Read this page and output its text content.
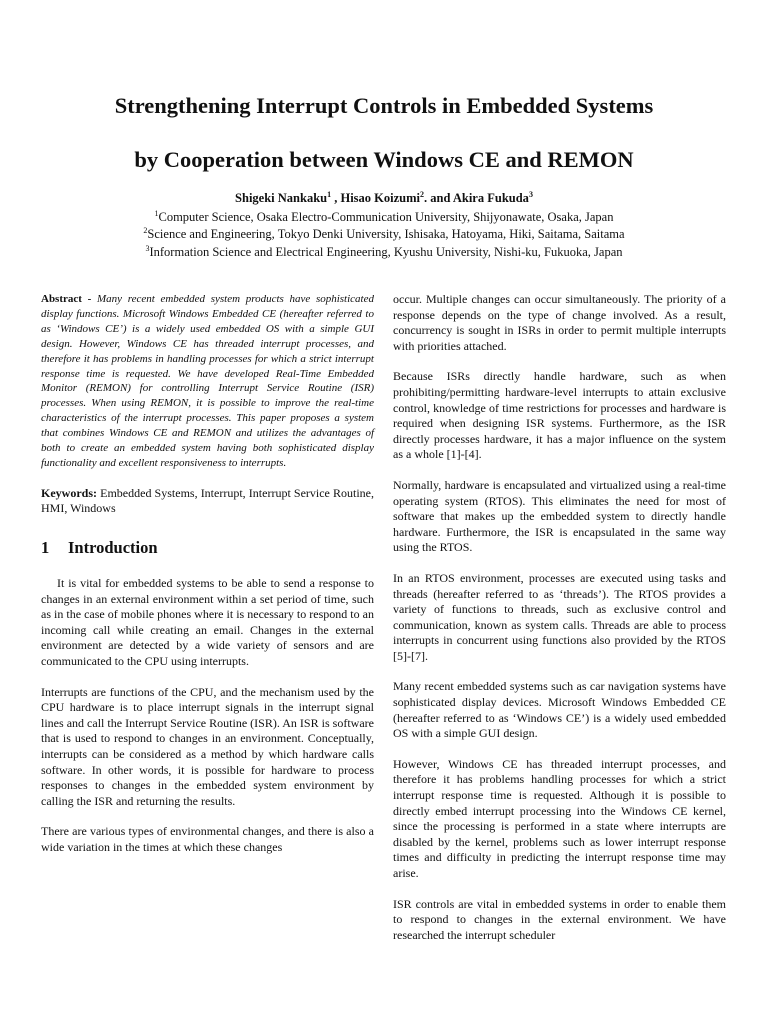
Strengthening Interrupt Controls in Embedded Systems
by Cooperation between Windows CE and REMON
Shigeki Nankaku$^1$ , Hisao Koizumi$^2$. and Akira Fukuda$^3$
$^1$Computer Science, Osaka Electro-Communication University, Shijyonawate, Osaka, Japan
$^2$Science and Engineering, Tokyo Denki University, Ishisaka, Hatoyama, Hiki, Saitama, Saitama
$^3$Information Science and Electrical Engineering, Kyushu University, Nishi-ku, Fukuoka, Japan

Abstract - Many recent embedded system products have sophisticated display functions. Microsoft Windows Embedded CE (hereafter referred to as ‘Windows CE’) is a widely used embedded OS with a simple GUI design. However, Windows CE has threaded interrupt processes, and therefore it has problems in handling processes for which a strict interrupt response time is requested. We have developed Real-Time Embedded Monitor (REMON) for controlling Interrupt Service Routine (ISR) processes. When using REMON, it is possible to improve the real-time characteristics of the interrupt processes. This paper proposes a system that combines Windows CE and REMON and utilizes the advantages of both to create an embedded system having both sophisticated display functionality and excellent responsiveness to interrupts.

Keywords: Embedded Systems, Interrupt, Interrupt Service Routine, HMI, Windows

1 Introduction

It is vital for embedded systems to be able to send a response to changes in an external environment within a set period of time, such as in the case of mobile phones where it is necessary to respond to an incoming call while creating an email. Changes in the external environment are detected by a wide variety of sensors and are communicated to the CPU using interrupts.

Interrupts are functions of the CPU, and the mechanism used by the CPU hardware is to place interrupt signals in the interrupt signal lines and call the Interrupt Service Routine (ISR). An ISR is software that is used to respond to changes in an environment. Conceptually, interrupts can be considered as a method by which hardware calls software. In other words, it is possible for hardware to process responses to changes in the embedded system environment by calling the ISR and returning the results.

There are various types of environmental changes, and there is also a wide variation in the times at which these changes

occur. Multiple changes can occur simultaneously. The priority of a response depends on the type of change involved. As a result, concurrency is sought in ISRs in order to permit multiple interrupts with priorities attached.

Because ISRs directly handle hardware, such as when prohibiting/permitting hardware-level interrupts to attain exclusive control, knowledge of time restrictions for processes and hardware is required when designing ISR systems. Furthermore, as the ISR directly processes hardware, it has a major influence on the system as a whole [1]-[4].

Normally, hardware is encapsulated and virtualized using a real-time operating system (RTOS). This eliminates the need for most of software that makes up the embedded system to directly handle hardware. Furthermore, the ISR is encapsulated in the same way using the RTOS.

In an RTOS environment, processes are executed using tasks and threads (hereafter referred to as ‘threads’). The RTOS provides a variety of functions to threads, such as exclusive control and communication, known as system calls. Threads are able to process interrupts in concurrent using functions also provided by the RTOS [5]-[7].

Many recent embedded systems such as car navigation systems have sophisticated display devices. Microsoft Windows Embedded CE (hereafter referred to as ‘Windows CE’) is a widely used embedded OS with a simple GUI design.

However, Windows CE has threaded interrupt processes, and therefore it has problems handling processes for which a strict interrupt response time is requested. Although it is possible to directly embed interrupt processing into the Windows CE kernel, since the processing is performed in a state where interrupts are disabled by the kernel, problems such as lower interrupt response times and difficulty in predicting the interrupt response time may arise.

ISR controls are vital in embedded systems in order to enable them to respond to changes in the external environment. We have researched the interrupt scheduler
